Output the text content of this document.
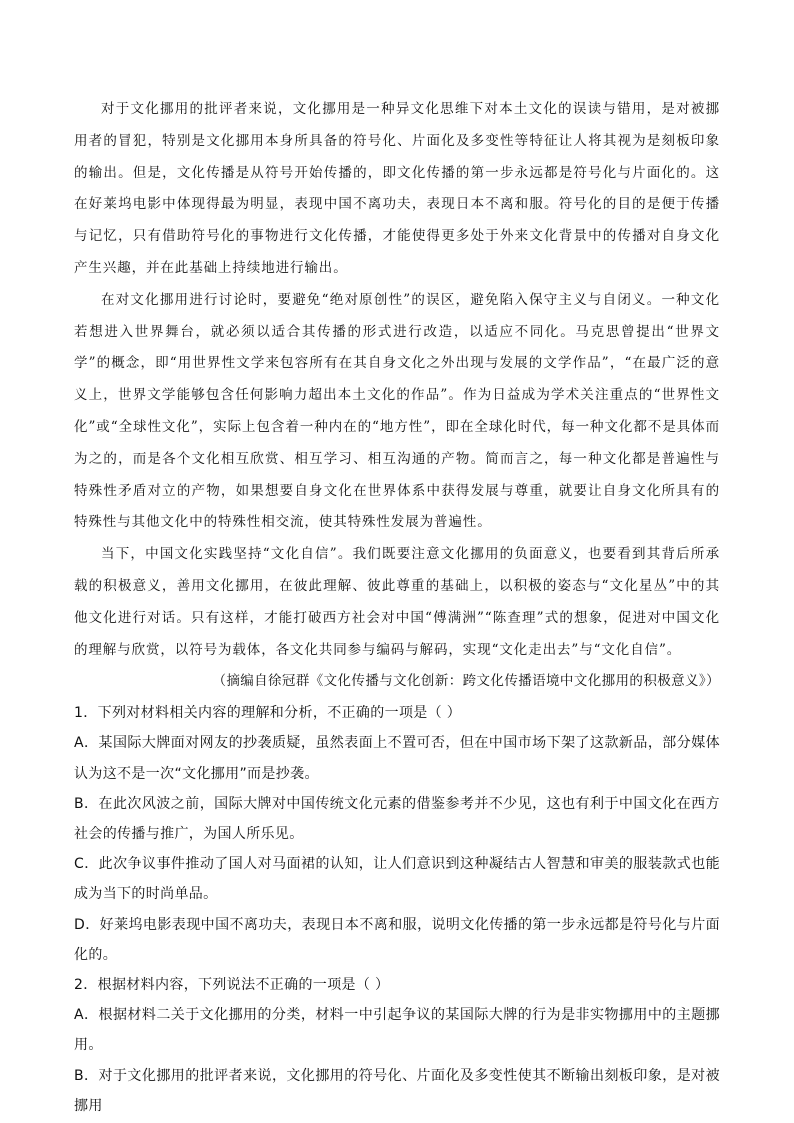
对于文化挪用的批评者来说，文化挪用是一种异文化思维下对本土文化的误读与错用，是对被挪用者的冒犯，特别是文化挪用本身所具备的符号化、片面化及多变性等特征让人将其视为是刻板印象的输出。但是，文化传播是从符号开始传播的，即文化传播的第一步永远都是符号化与片面化的。这在好莱坞电影中体现得最为明显，表现中国不离功夫，表现日本不离和服。符号化的目的是便于传播与记忆，只有借助符号化的事物进行文化传播，才能使得更多处于外来文化背景中的传播对自身文化产生兴趣，并在此基础上持续地进行输出。

在对文化挪用进行讨论时，要避免“绝对原创性”的误区，避免陷入保守主义与自闭义。一种文化若想进入世界舞台，就必须以适合其传播的形式进行改造，以适应不同化。马克思曾提出“世界文学”的概念，即“用世界性文学来包容所有在其自身文化之外出现与发展的文学作品”，“在最广泛的意义上，世界文学能够包含任何影响力超出本土文化的作品”。作为日益成为学术关注重点的“世界性文化”或“全球性文化”，实际上包含着一种内在的“地方性”，即在全球化时代，每一种文化都不是具体而为之的，而是各个文化相互欣赏、相互学习、相互沟通的产物。简而言之，每一种文化都是普遍性与特殊性矛盾对立的产物，如果想要自身文化在世界体系中获得发展与尊重，就要让自身文化所具有的特殊性与其他文化中的特殊性相交流，使其特殊性发展为普遍性。

当下，中国文化实践坚持“文化自信”。我们既要注意文化挪用的负面意义，也要看到其背后所承载的积极意义，善用文化挪用，在彼此理解、彼此尊重的基础上，以积极的姿态与“文化星丛”中的其他文化进行对话。只有这样，才能打破西方社会对中国“傅满洲”“陈查理”式的想象，促进对中国文化的理解与欣赏，以符号为载体，各文化共同参与编码与解码，实现“文化走出去”与“文化自信”。

（摘编自徐冠群《文化传播与文化创新：跨文化传播语境中文化挪用的积极意义》）

1．下列对材料相关内容的理解和分析，不正确的一项是（ ）

A．某国际大牌面对网友的抄袭质疑，虽然表面上不置可否，但在中国市场下架了这款新品，部分媒体认为这不是一次“文化挪用”而是抄袭。

B．在此次风波之前，国际大牌对中国传统文化元素的借鉴参考并不少见，这也有利于中国文化在西方社会的传播与推广，为国人所乐见。

C．此次争议事件推动了国人对马面裙的认知，让人们意识到这种凝结古人智慧和审美的服装款式也能成为当下的时尚单品。

D．好莱坞电影表现中国不离功夫，表现日本不离和服，说明文化传播的第一步永远都是符号化与片面化的。

2．根据材料内容，下列说法不正确的一项是（ ）

A．根据材料二关于文化挪用的分类，材料一中引起争议的某国际大牌的行为是非实物挪用中的主题挪用。

B．对于文化挪用的批评者来说，文化挪用的符号化、片面化及多变性使其不断输出刻板印象，是对被挪用
